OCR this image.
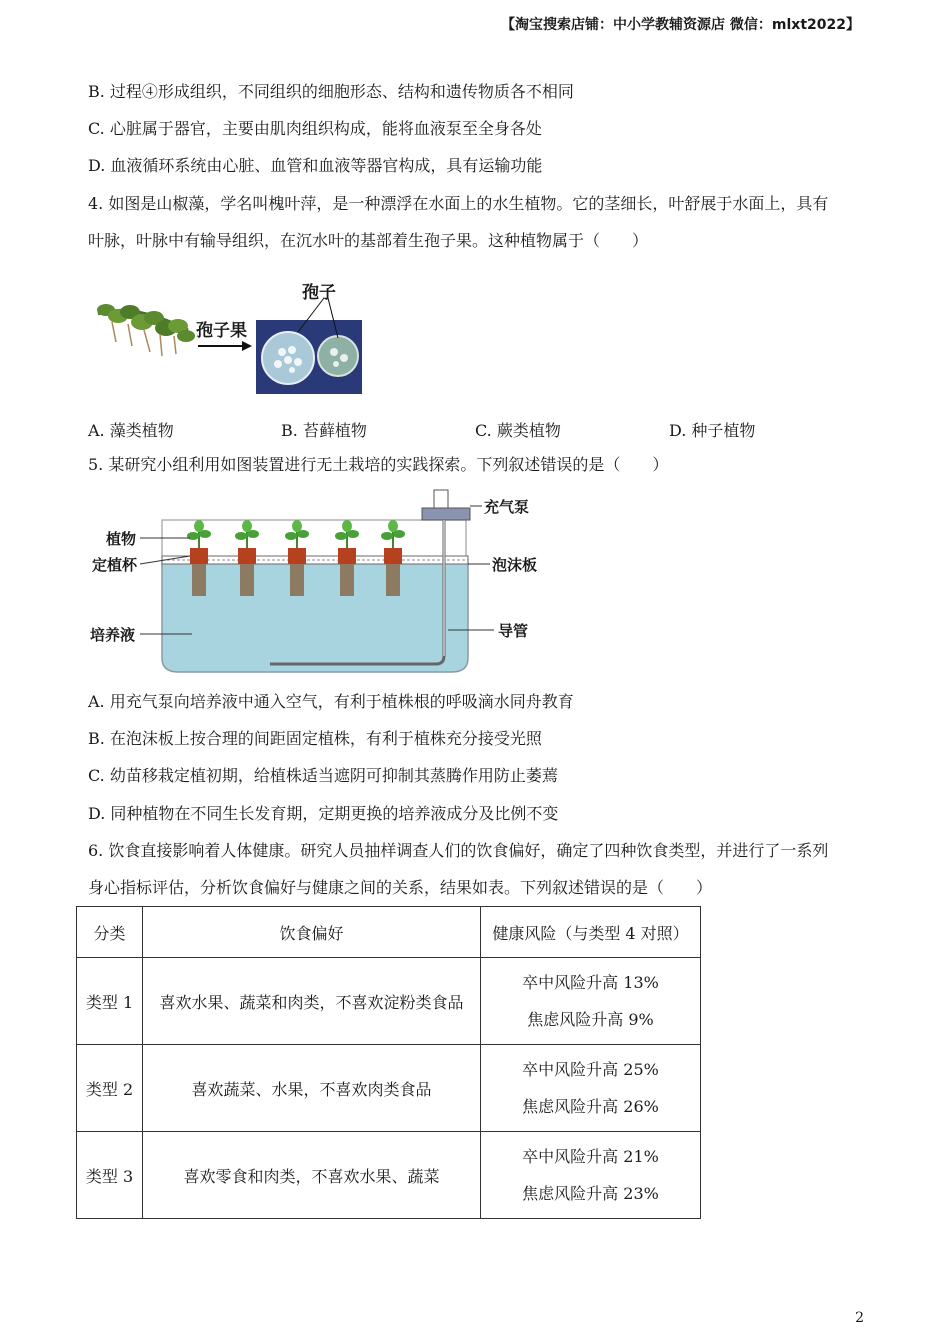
【淘宝搜索店铺：中小学教辅资源店 微信：mlxt2022】
B. 过程④形成组织，不同组织的细胞形态、结构和遗传物质各不相同
C. 心脏属于器官，主要由肌肉组织构成，能将血液泵至全身各处
D. 血液循环系统由心脏、血管和血液等器官构成，具有运输功能
4. 如图是山椒藻，学名叫槐叶萍，是一种漂浮在水面上的水生植物。它的茎细长，叶舒展于水面上，具有
叶脉，叶脉中有输导组织，在沉水叶的基部着生孢子果。这种植物属于（　　）
孢子
孢子果
A. 藻类植物	B. 苔藓植物	C. 蕨类植物	D. 种子植物
5. 某研究小组利用如图装置进行无土栽培的实践探索。下列叙述错误的是（　　）
植物
定植杯
培养液
充气泵
泡沫板
导管
A. 用充气泵向培养液中通入空气，有利于植株根的呼吸滴水同舟教育
B. 在泡沫板上按合理的间距固定植株，有利于植株充分接受光照
C. 幼苗移栽定植初期，给植株适当遮阴可抑制其蒸腾作用防止萎蔫
D. 同种植物在不同生长发育期，定期更换的培养液成分及比例不变
6. 饮食直接影响着人体健康。研究人员抽样调查人们的饮食偏好，确定了四种饮食类型，并进行了一系列
身心指标评估，分析饮食偏好与健康之间的关系，结果如表。下列叙述错误的是（　　）
分类	饮食偏好	健康风险（与类型 4 对照）
类型 1	喜欢水果、蔬菜和肉类，不喜欢淀粉类食品	卒中风险升高 13%
焦虑风险升高 9%

类型 2	喜欢蔬菜、水果，不喜欢肉类食品	卒中风险升高 25%
焦虑风险升高 26%

类型 3	喜欢零食和肉类，不喜欢水果、蔬菜	卒中风险升高 21%
焦虑风险升高 23%
2
